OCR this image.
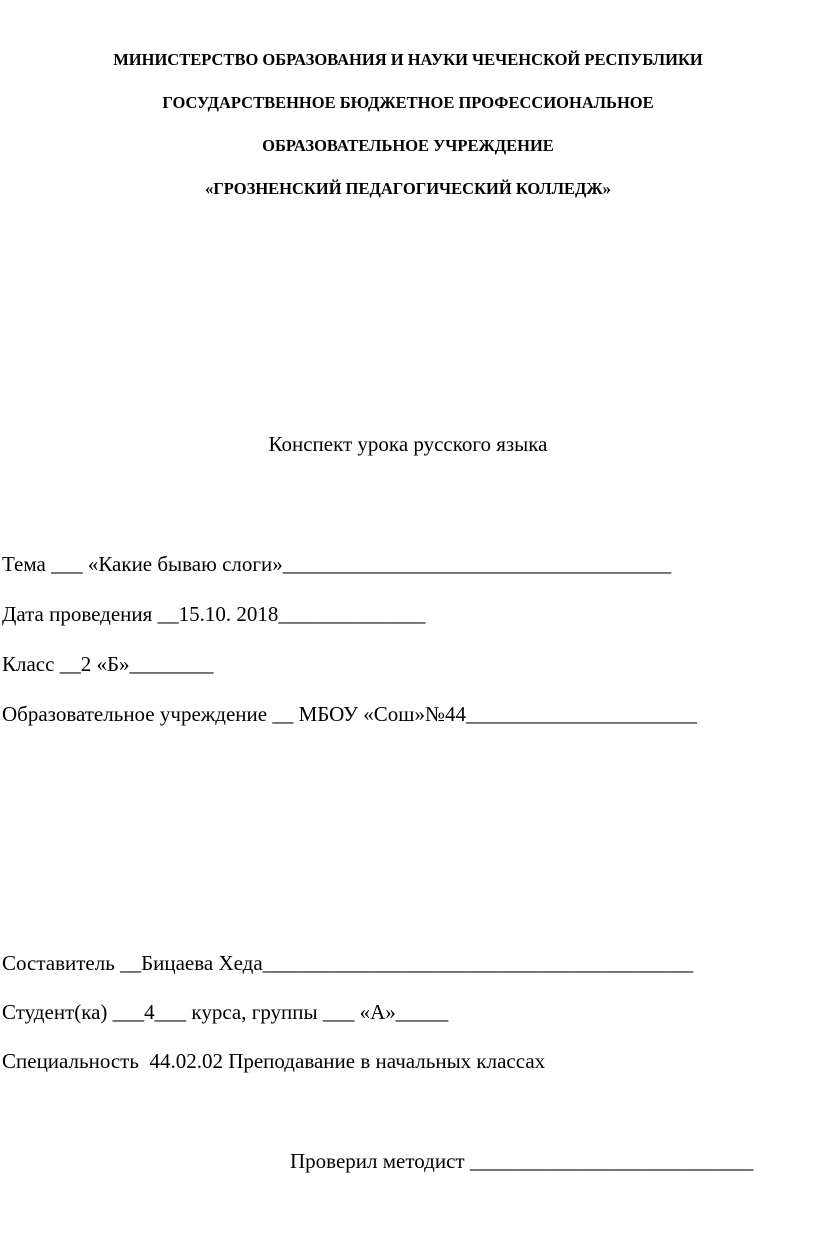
МИНИСТЕРСТВО ОБРАЗОВАНИЯ И НАУКИ ЧЕЧЕНСКОЙ РЕСПУБЛИКИ
ГОСУДАРСТВЕННОЕ БЮДЖЕТНОЕ ПРОФЕССИОНАЛЬНОЕ
ОБРАЗОВАТЕЛЬНОЕ УЧРЕЖДЕНИЕ
«ГРОЗНЕНСКИЙ ПЕДАГОГИЧЕСКИЙ КОЛЛЕДЖ»
Конспект урока русского языка
Тема ___ «Какие бываю слоги»_____________________________________
Дата проведения __15.10. 2018______________
Класс __2 «Б»________
Образовательное учреждение __ МБОУ «Сош»№44______________________
Составитель __Бицаева Хеда_________________________________________
Студент(ка) ___4___ курса, группы ___ «А»_____
Специальность  44.02.02 Преподавание в начальных классах
Проверил методист ___________________________
